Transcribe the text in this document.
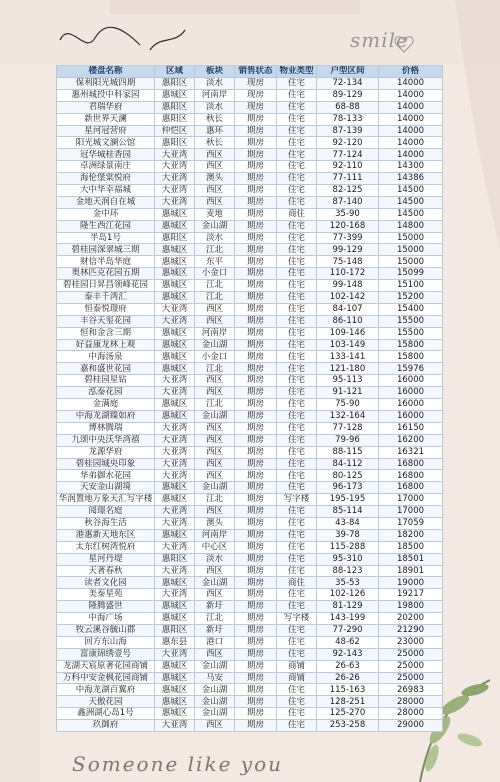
smile
楼盘名称	区域	板块	销售状态	物业类型	户型区间	价格
保利阳光城四期	惠阳区	淡水	现房	住宅	72-134	14000
惠州城投中科家园	惠城区	河南岸	现房	住宅	89-129	14000
君瑞华府	惠阳区	淡水	现房	住宅	68-88	14000
新世界天澜	惠阳区	秋长	期房	住宅	78-133	14000
星河冠营府	仲恺区	惠环	期房	住宅	87-139	14000
阳光城文澜公馆	惠阳区	秋长	期房	住宅	92-120	14000
冠华城桂香园	大亚湾	西区	期房	住宅	77-124	14000
卓洲绿景南庄	大亚湾	西区	期房	住宅	92-110	14300
海伦堡棠悦府	大亚湾	澳头	期房	住宅	77-111	14386
大中华幸福城	大亚湾	西区	期房	住宅	82-125	14500
金地天润自在城	大亚湾	西区	期房	住宅	87-140	14500
金中环	惠城区	麦地	期房	商住	35-90	14500
隆生西江花园	惠城区	金山湖	期房	住宅	120-168	14800
半岛1号	惠阳区	淡水	期房	住宅	77-399	15000
碧桂园深翠城三期	惠城区	江北	期房	住宅	99-129	15000
财信半岛华庭	惠城区	东平	期房	住宅	75-148	15000
奥林匹克花园五期	惠城区	小金口	期房	住宅	110-172	15099
碧桂园日昇昌领峰花园	惠城区	江北	期房	住宅	99-148	15100
泰丰千湾汇	惠城区	江北	期房	住宅	102-142	15200
恒泰悦璟府	大亚湾	西区	期房	住宅	84-107	15400
丰谷天玺花园	大亚湾	西区	期房	住宅	86-110	15500
恒和金含三期	惠城区	河南岸	期房	住宅	109-146	15500
好益康龙林上观	惠城区	金山湖	期房	住宅	103-149	15800
中海汤泉	惠城区	小金口	期房	住宅	133-141	15800
嘉和盛世花园	惠城区	江北	期房	住宅	121-180	15976
碧桂园星钻	大亚湾	西区	期房	住宅	95-113	16000
泓泰花园	大亚湾	西区	期房	住宅	91-121	16000
金满庭	惠城区	江北	期房	住宅	75-90	16000
中海龙湖臻如府	惠城区	金山湖	期房	住宅	132-164	16000
博林腾瑞	大亚湾	西区	期房	住宅	77-128	16150
九颂中央沃华湾禧	大亚湾	西区	期房	住宅	79-96	16200
龙源华府	大亚湾	西区	期房	住宅	88-115	16321
碧桂园城央印象	大亚湾	西区	期房	住宅	84-112	16800
华弟御水花园	大亚湾	西区	期房	住宅	80-125	16800
天安金山湖境	惠城区	金山湖	期房	住宅	96-173	16800
华润置地万象天汇写字楼	惠城区	江北	期房	写字楼	195-195	17000
阅璟名庭	大亚湾	西区	期房	住宅	85-114	17000
秋谷海生活	大亚湾	澳头	期房	住宅	43-84	17059
港惠新天地东区	惠城区	河南岸	期房	住宅	39-78	18200
太东红树湾悦府	大亚湾	中心区	期房	住宅	115-288	18500
星河丹堤	惠阳区	淡水	期房	住宅	95-310	18501
天著春秋	大亚湾	西区	期房	住宅	88-123	18901
读者文化园	惠城区	金山湖	期房	商住	35-53	19000
美泰星苑	大亚湾	西区	期房	住宅	102-126	19217
隆腾盛世	惠城区	新圩	期房	住宅	81-129	19800
中海广场	惠城区	江北	期房	写字楼	143-199	20200
牧云溪谷毓山郡	惠阳区	新圩	期房	住宅	77-290	21290
回方东山海	惠东县	港口	期房	住宅	48-62	23000
富康锦绣壹号	大亚湾	西区	期房	住宅	92-143	25000
龙湖天宸原著花园商铺	惠城区	金山湖	期房	商铺	26-63	25000
万科中安金枫花园商铺	惠城区	马安	期房	商铺	26-26	25000
中海龙湖百翼府	惠城区	金山湖	期房	住宅	115-163	26983
天傲花园	惠城区	金山湖	期房	住宅	128-251	28000
鑫洲湖心岛1号	惠城区	金山湖	期房	住宅	125-270	28000
玖御府	大亚湾	西区	期房	住宅	253-258	29000
Someone like you
